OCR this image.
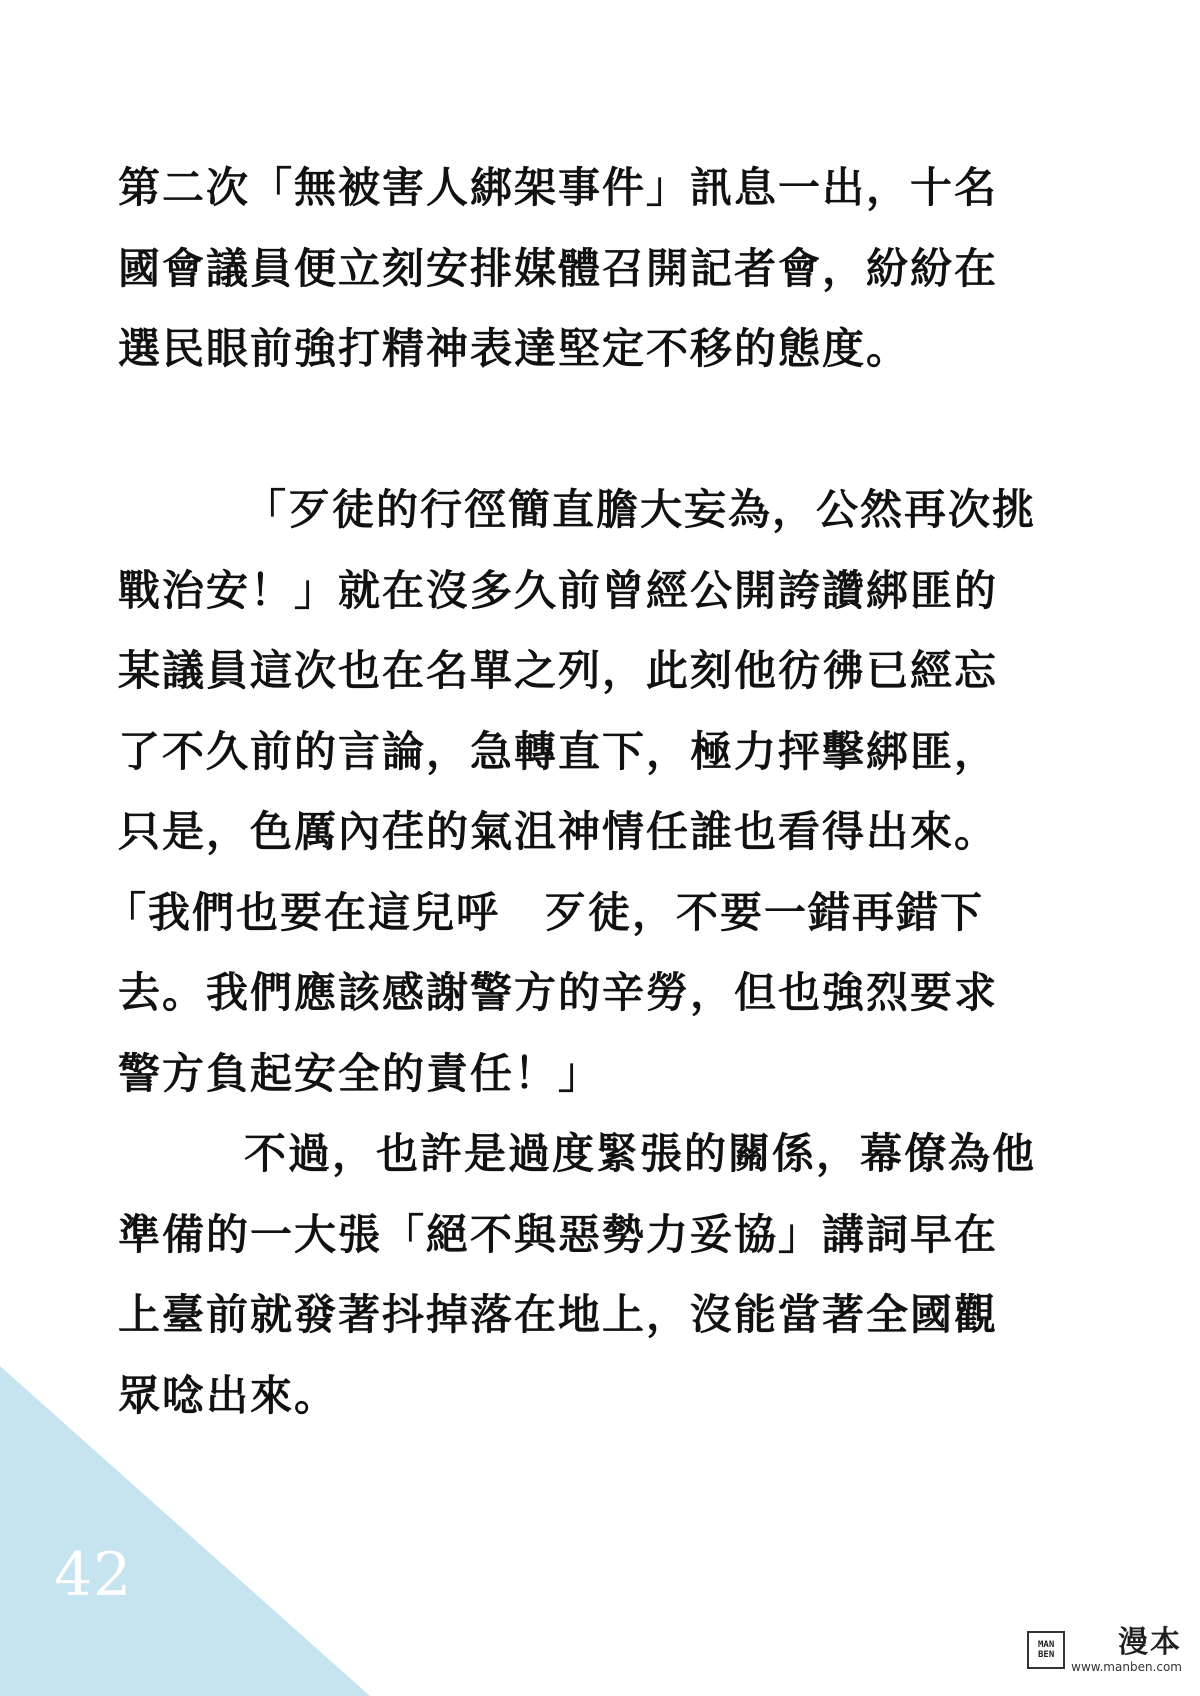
第二次「無被害人綁架事件」訊息一出，十名
國會議員便立刻安排媒體召開記者會，紛紛在
選民眼前強打精神表達堅定不移的態度。
「歹徒的行徑簡直膽大妄為，公然再次挑
戰治安！」就在沒多久前曾經公開誇讚綁匪的
某議員這次也在名單之列，此刻他彷彿已經忘
了不久前的言論，急轉直下，極力抨擊綁匪，
只是，色厲內荏的氣沮神情任誰也看得出來。
「我們也要在這兒呼　歹徒，不要一錯再錯下
去。我們應該感謝警方的辛勞，但也強烈要求
警方負起安全的責任！」
不過，也許是過度緊張的關係，幕僚為他
準備的一大張「絕不與惡勢力妥協」講詞早在
上臺前就發著抖掉落在地上，沒能當著全國觀
眾唸出來。
42
MAN BEN 漫本
www.manben.com
